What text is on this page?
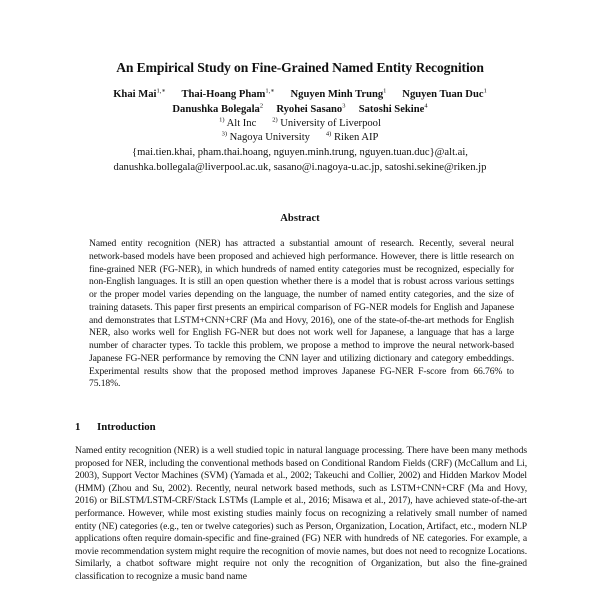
An Empirical Study on Fine-Grained Named Entity Recognition
Khai Mai$^{1,∗}$ Thai-Hoang Pham$^{1,∗}$ Nguyen Minh Trung$^1$ Nguyen Tuan Duc$^1$
Danushka Bolegala$^2$ Ryohei Sasano$^3$ Satoshi Sekine$^4$
$^{1)}$ Alt Inc $^{2)}$ University of Liverpool
$^{3)}$ Nagoya University $^{4)}$ Riken AIP
{mai.tien.khai, pham.thai.hoang, nguyen.minh.trung, nguyen.tuan.duc}@alt.ai,
danushka.bollegala@liverpool.ac.uk, sasano@i.nagoya-u.ac.jp, satoshi.sekine@riken.jp
Abstract

Named entity recognition (NER) has attracted a substantial amount of research. Recently, several neural network-based models have been proposed and achieved high performance. However, there is little research on fine-grained NER (FG-NER), in which hundreds of named entity categories must be recognized, especially for non-English languages. It is still an open question whether there is a model that is robust across various settings or the proper model varies depending on the language, the number of named entity categories, and the size of training datasets. This paper first presents an empirical comparison of FG-NER models for English and Japanese and demonstrates that LSTM+CNN+CRF (Ma and Hovy, 2016), one of the state-of-the-art methods for English NER, also works well for English FG-NER but does not work well for Japanese, a language that has a large number of character types. To tackle this problem, we propose a method to improve the neural network-based Japanese FG-NER performance by removing the CNN layer and utilizing dictionary and category embeddings. Experimental results show that the proposed method improves Japanese FG-NER F-score from 66.76% to 75.18%.

1 Introduction

Named entity recognition (NER) is a well studied topic in natural language processing. There have been many methods proposed for NER, including the conventional methods based on Conditional Random Fields (CRF) (McCallum and Li, 2003), Support Vector Machines (SVM) (Yamada et al., 2002; Takeuchi and Collier, 2002) and Hidden Markov Model (HMM) (Zhou and Su, 2002). Recently, neural network based methods, such as LSTM+CNN+CRF (Ma and Hovy, 2016) or BiLSTM/LSTM-CRF/Stack LSTMs (Lample et al., 2016; Misawa et al., 2017), have achieved state-of-the-art performance. However, while most existing studies mainly focus on recognizing a relatively small number of named entity (NE) categories (e.g., ten or twelve categories) such as Person, Organization, Location, Artifact, etc., modern NLP applications often require domain-specific and fine-grained (FG) NER with hundreds of NE categories. For example, a movie recommendation system might require the recognition of movie names, but does not need to recognize Locations. Similarly, a chatbot software might require not only the recognition of Organization, but also the fine-grained classification to recognize a music band name
